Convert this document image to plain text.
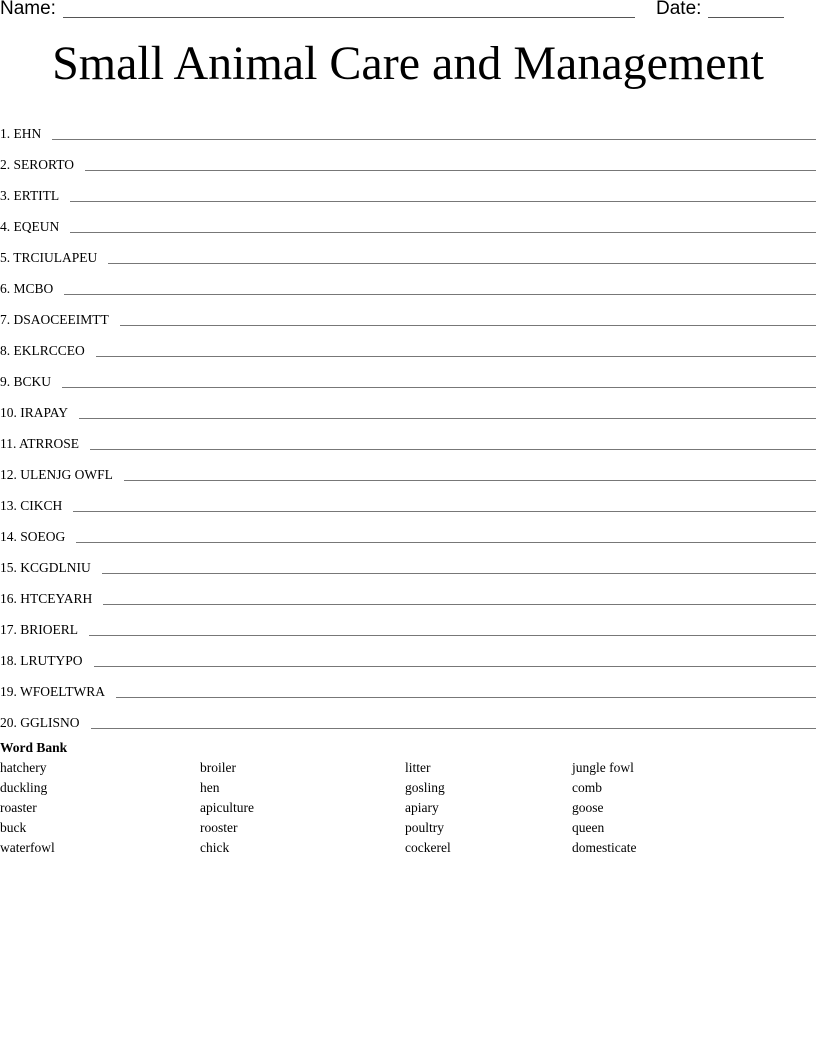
Name:	Date:
Small Animal Care and Management
1. EHN
2. SERORTO
3. ERTITL
4. EQEUN
5. TRCIULAPEU
6. MCBO
7. DSAOCEEIMTT
8. EKLRCCEO
9. BCKU
10. IRAPAY
11. ATRROSE
12. ULENJG OWFL
13. CIKCH
14. SOEOG
15. KCGDLNIU
16. HTCEYARH
17. BRIOERL
18. LRUTYPO
19. WFOELTWRA
20. GGLISNO
Word Bank
hatchery
duckling
roaster
buck
waterfowl
broiler
hen
apiculture
rooster
chick
litter
gosling
apiary
poultry
cockerel
jungle fowl
comb
goose
queen
domesticate
